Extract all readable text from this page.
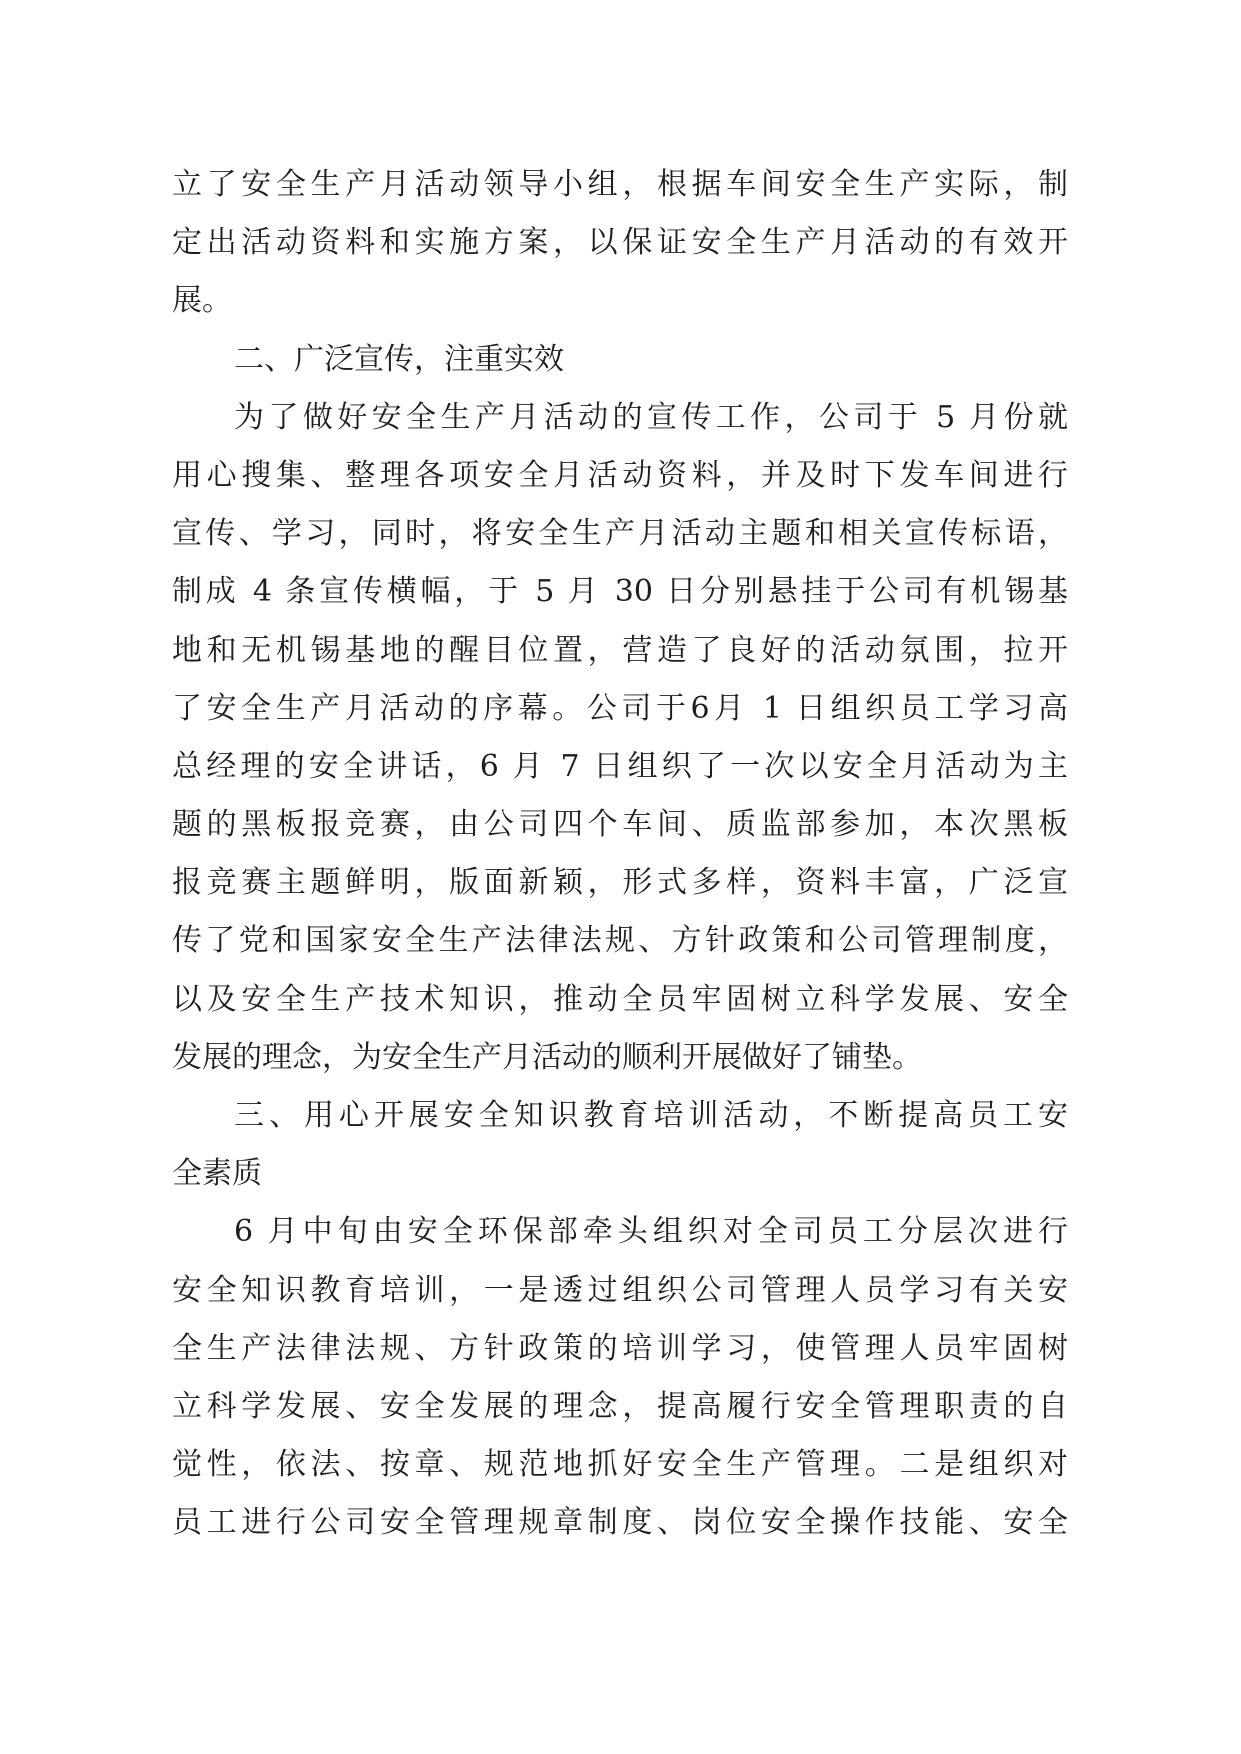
立了安全生产月活动领导小组，根据车间安全生产实际，制
定出活动资料和实施方案，以保证安全生产月活动的有效开
展。
二、广泛宣传，注重实效
为了做好安全生产月活动的宣传工作，公司于 5 月份就
用心搜集、整理各项安全月活动资料，并及时下发车间进行
宣传、学习，同时，将安全生产月活动主题和相关宣传标语，
制成 4 条宣传横幅，于 5 月 30 日分别悬挂于公司有机锡基
地和无机锡基地的醒目位置，营造了良好的活动氛围，拉开
了安全生产月活动的序幕。公司于6月 1 日组织员工学习高
总经理的安全讲话，6 月 7 日组织了一次以安全月活动为主
题的黑板报竞赛，由公司四个车间、质监部参加，本次黑板
报竞赛主题鲜明，版面新颖，形式多样，资料丰富，广泛宣
传了党和国家安全生产法律法规、方针政策和公司管理制度，
以及安全生产技术知识，推动全员牢固树立科学发展、安全
发展的理念，为安全生产月活动的顺利开展做好了铺垫。
三、用心开展安全知识教育培训活动，不断提高员工安
全素质
6 月中旬由安全环保部牵头组织对全司员工分层次进行
安全知识教育培训，一是透过组织公司管理人员学习有关安
全生产法律法规、方针政策的培训学习，使管理人员牢固树
立科学发展、安全发展的理念，提高履行安全管理职责的自
觉性，依法、按章、规范地抓好安全生产管理。二是组织对
员工进行公司安全管理规章制度、岗位安全操作技能、安全
